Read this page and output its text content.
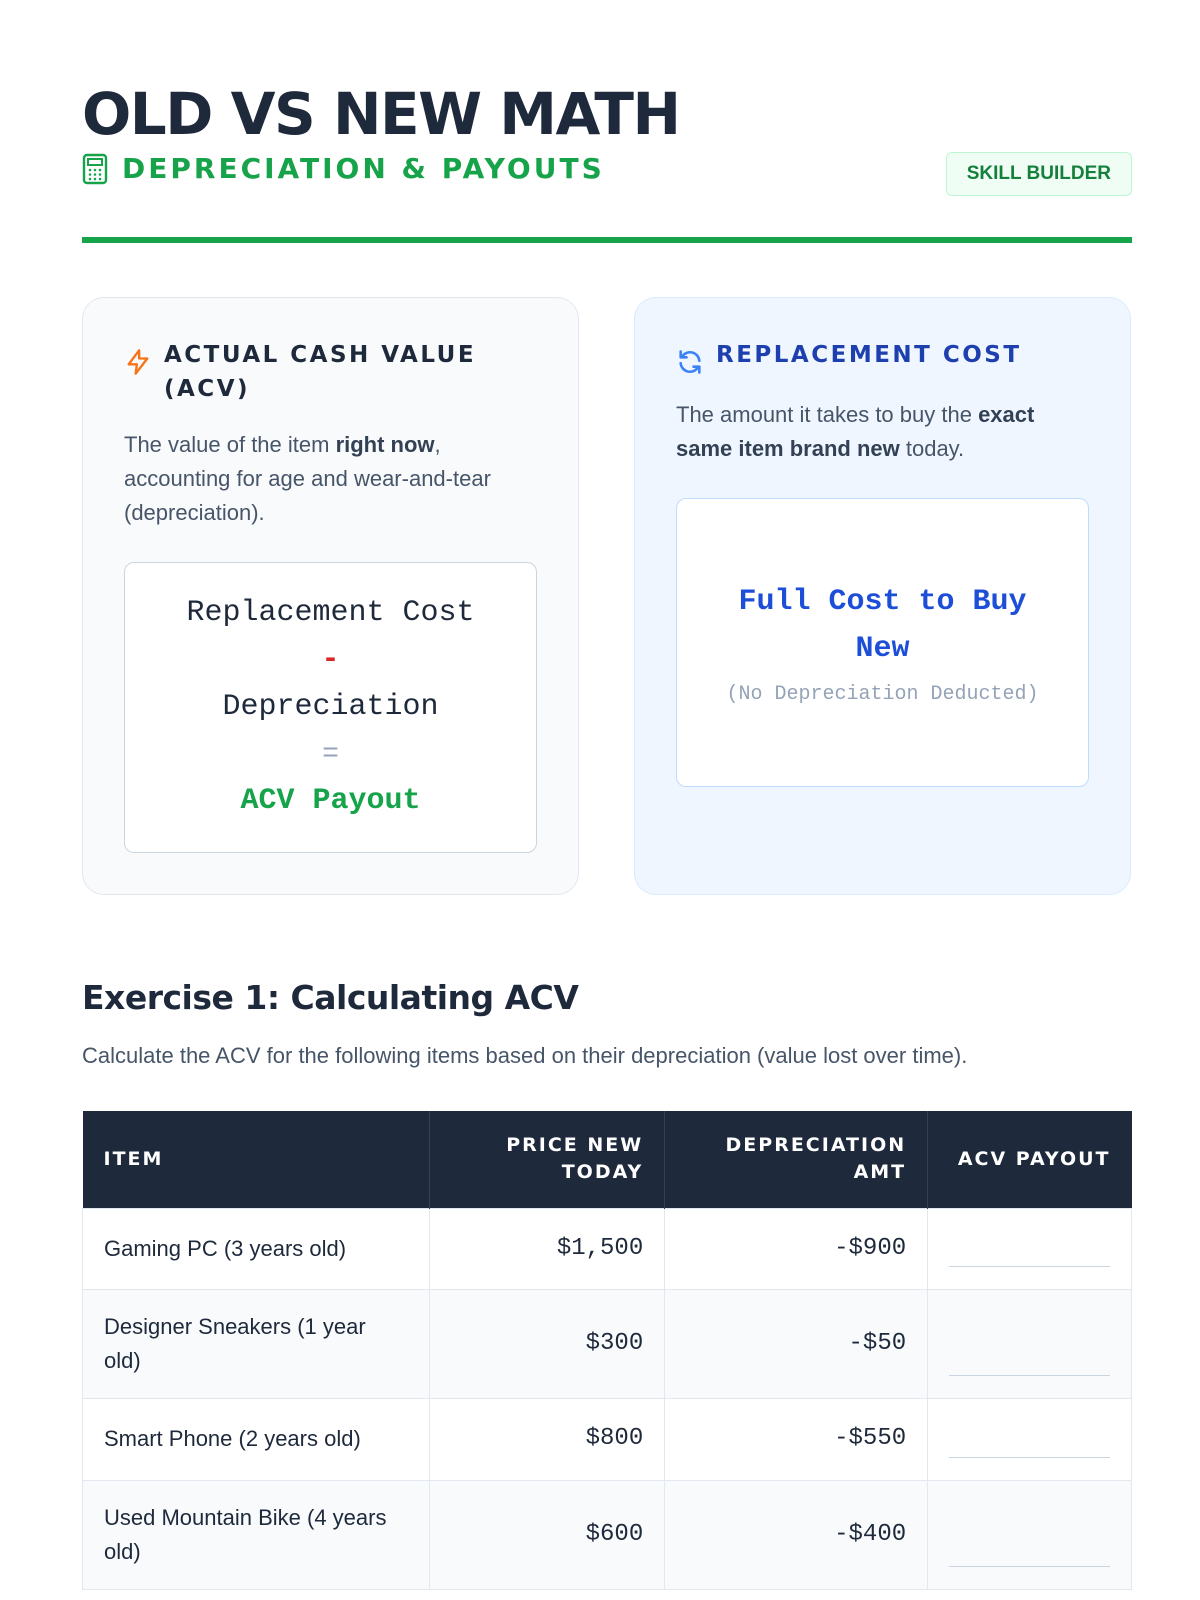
OLD VS NEW MATH
DEPRECIATION & PAYOUTS	SKILL BUILDER
ACTUAL CASH VALUE (ACV)

The value of the item right now, accounting for age and wear-and-tear (depreciation).

Replacement Cost
-
Depreciation
=
ACV Payout
REPLACEMENT COST

The amount it takes to buy the exact same item brand new today.

Full Cost to Buy New
(No Depreciation Deducted)
Exercise 1: Calculating ACV

Calculate the ACV for the following items based on their depreciation (value lost over time).

ITEM	PRICE NEW TODAY	DEPRECIATION AMT	ACV PAYOUT
Gaming PC (3 years old)	$1,500	-$900	

Designer Sneakers (1 year old)	$300	-$50	

Smart Phone (2 years old)	$800	-$550	

Used Mountain Bike (4 years old)	$600	-$400	
